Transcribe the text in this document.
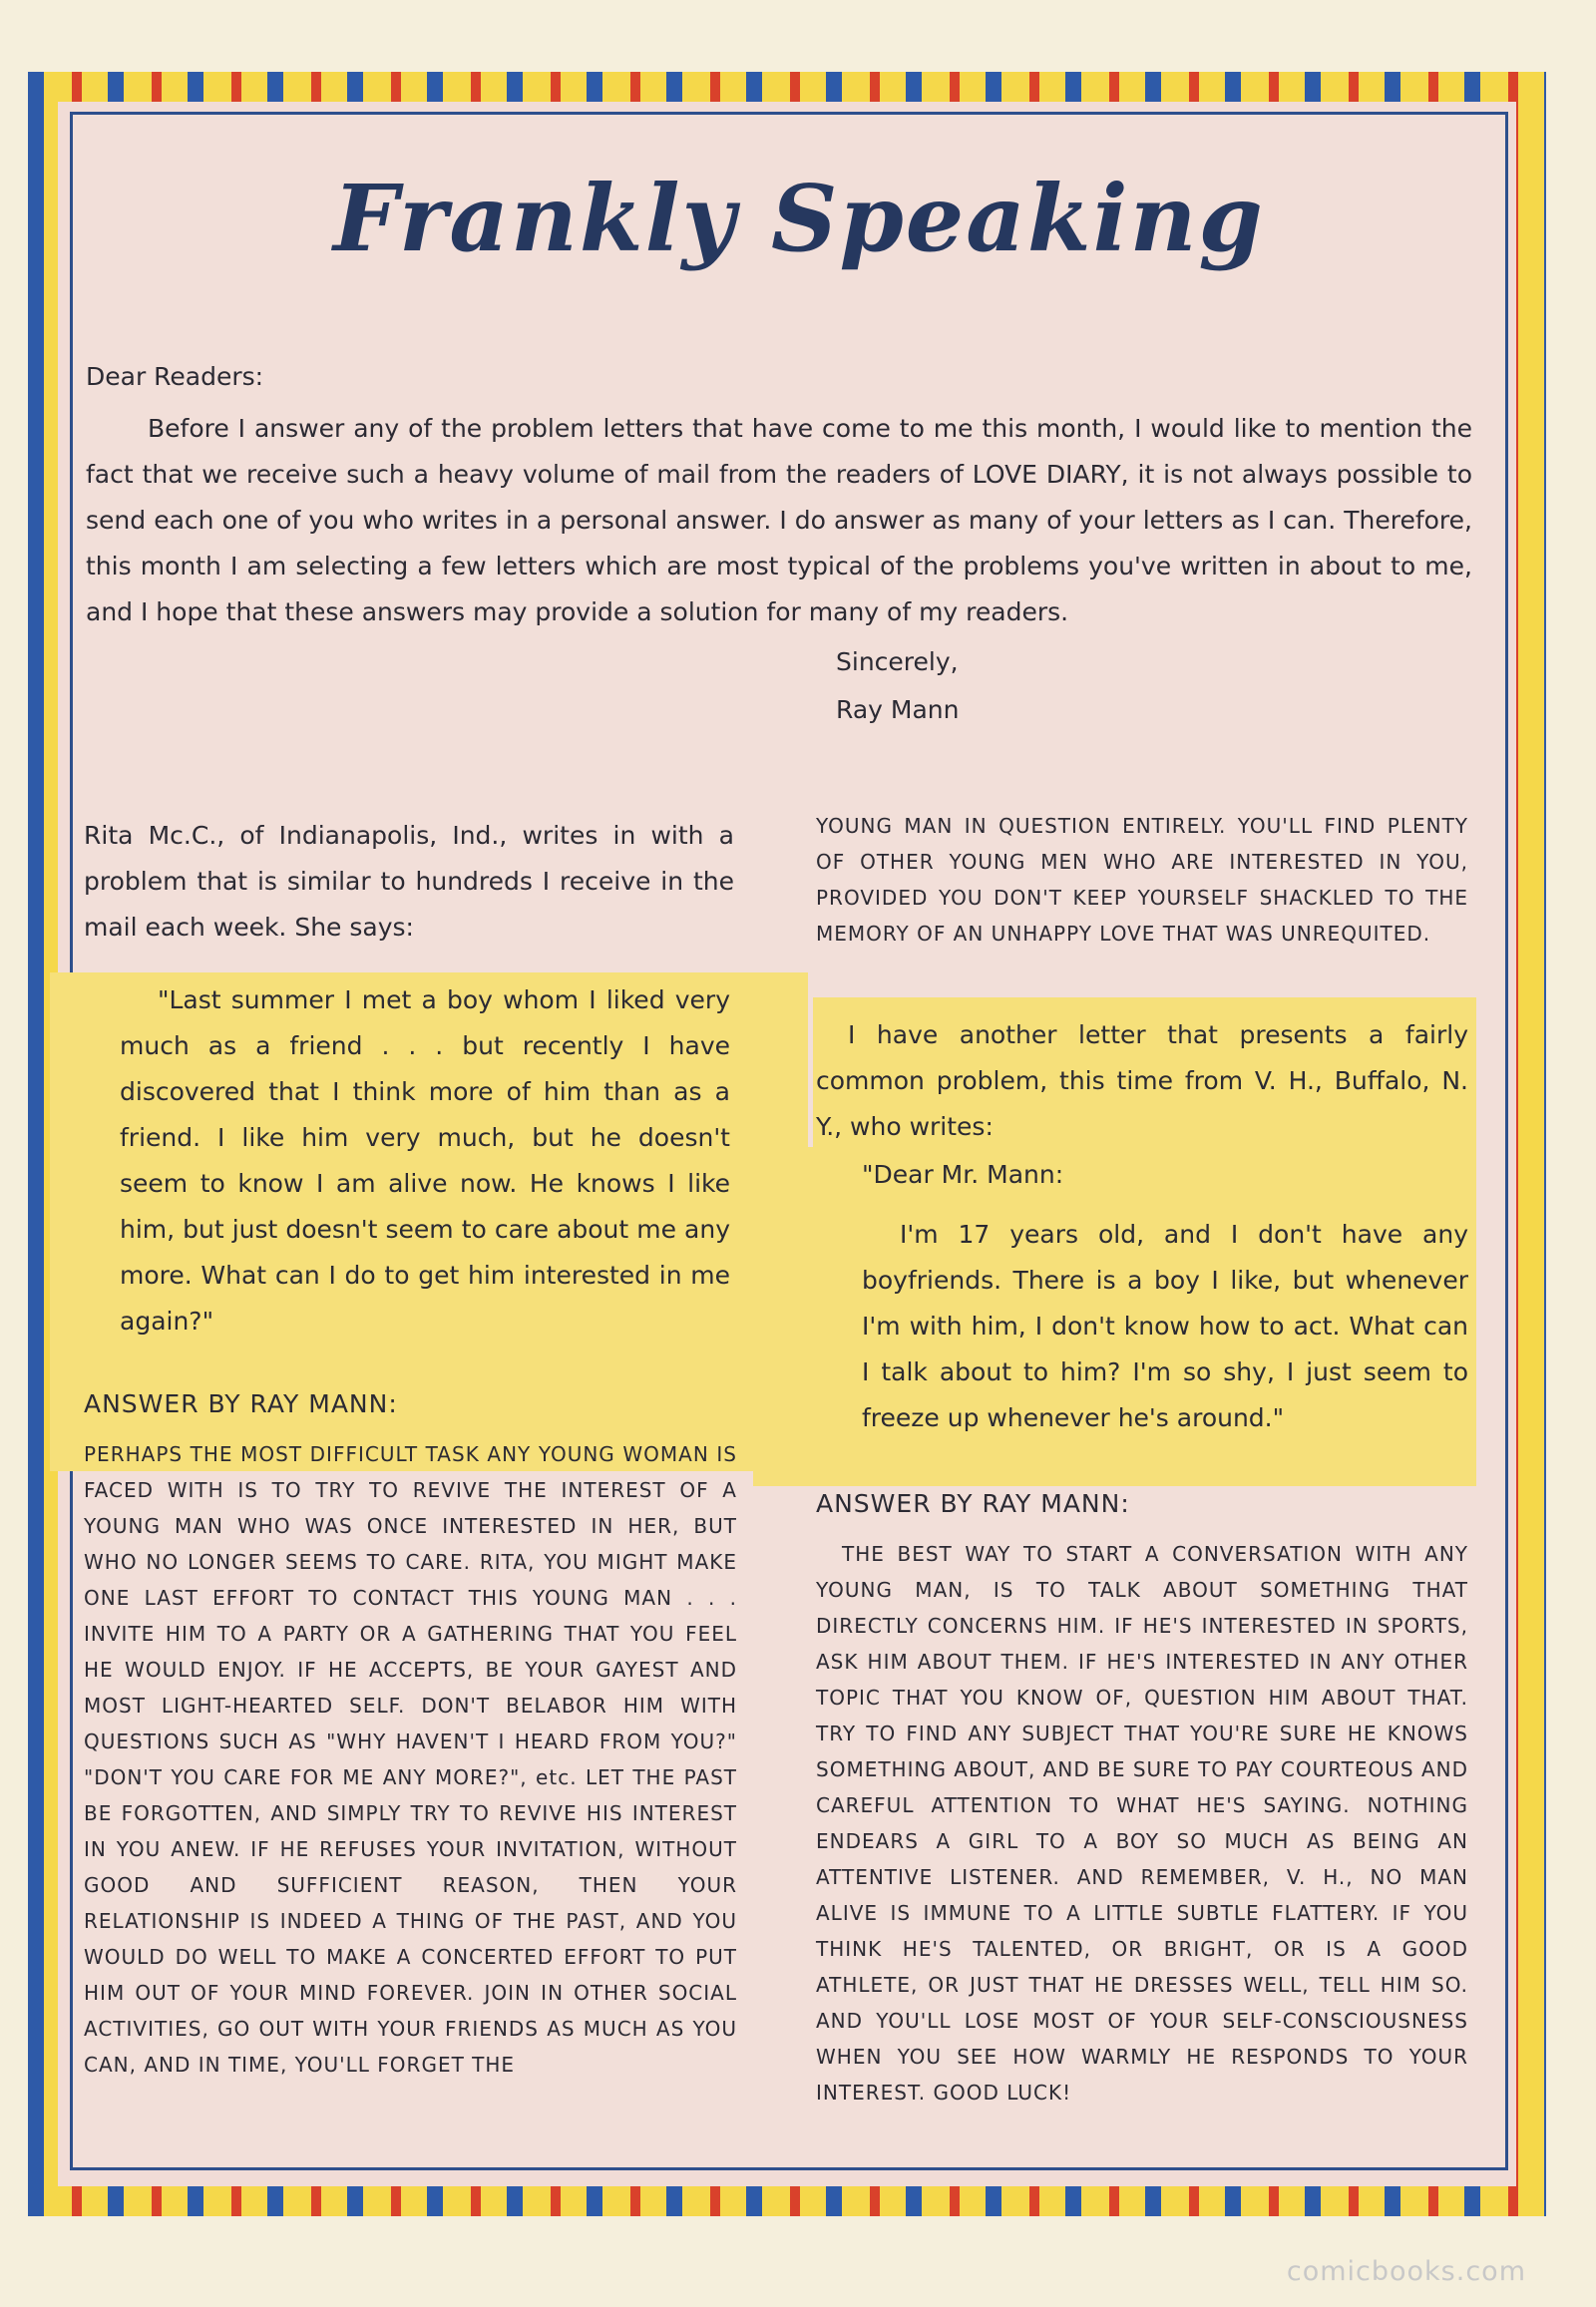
Frankly Speaking

Dear Readers:

Before I answer any of the problem letters that have come to me this month, I would like to mention the fact that we receive such a heavy volume of mail from the readers of LOVE DIARY, it is not always possible to send each one of you who writes in a personal answer. I do answer as many of your letters as I can. Therefore, this month I am selecting a few letters which are most typical of the problems you've written in about to me, and I hope that these answers may provide a solution for many of my readers.

Sincerely,
Ray Mann
Rita Mc.C., of Indianapolis, Ind., writes in with a problem that is similar to hundreds I receive in the mail each week. She says:

"Last summer I met a boy whom I liked very much as a friend . . . but recently I have discovered that I think more of him than as a friend. I like him very much, but he doesn't seem to know I am alive now. He knows I like him, but just doesn't seem to care about me any more. What can I do to get him interested in me again?"

ANSWER BY RAY MANN:
PERHAPS THE MOST DIFFICULT TASK ANY YOUNG WOMAN IS FACED WITH IS TO TRY TO REVIVE THE INTEREST OF A YOUNG MAN WHO WAS ONCE INTERESTED IN HER, BUT WHO NO LONGER SEEMS TO CARE. RITA, YOU MIGHT MAKE ONE LAST EFFORT TO CONTACT THIS YOUNG MAN . . . INVITE HIM TO A PARTY OR A GATHERING THAT YOU FEEL HE WOULD ENJOY. IF HE ACCEPTS, BE YOUR GAYEST AND MOST LIGHT-HEARTED SELF. DON'T BELABOR HIM WITH QUESTIONS SUCH AS "WHY HAVEN'T I HEARD FROM YOU?" "DON'T YOU CARE FOR ME ANY MORE?", etc. LET THE PAST BE FORGOTTEN, AND SIMPLY TRY TO REVIVE HIS INTEREST IN YOU ANEW. IF HE REFUSES YOUR INVITATION, WITHOUT GOOD AND SUFFICIENT REASON, THEN YOUR RELATIONSHIP IS INDEED A THING OF THE PAST, AND YOU WOULD DO WELL TO MAKE A CONCERTED EFFORT TO PUT HIM OUT OF YOUR MIND FOREVER. JOIN IN OTHER SOCIAL ACTIVITIES, GO OUT WITH YOUR FRIENDS AS MUCH AS YOU CAN, AND IN TIME, YOU'LL FORGET THE
YOUNG MAN IN QUESTION ENTIRELY. YOU'LL FIND PLENTY OF OTHER YOUNG MEN WHO ARE INTERESTED IN YOU, PROVIDED YOU DON'T KEEP YOURSELF SHACKLED TO THE MEMORY OF AN UNHAPPY LOVE THAT WAS UNREQUITED.
I have another letter that presents a fairly common problem, this time from V. H., Buffalo, N. Y., who writes:
"Dear Mr. Mann:

I'm 17 years old, and I don't have any boyfriends. There is a boy I like, but whenever I'm with him, I don't know how to act. What can I talk about to him? I'm so shy, I just seem to freeze up whenever he's around."

ANSWER BY RAY MANN:
THE BEST WAY TO START A CONVERSATION WITH ANY YOUNG MAN, IS TO TALK ABOUT SOMETHING THAT DIRECTLY CONCERNS HIM. IF HE'S INTERESTED IN SPORTS, ASK HIM ABOUT THEM. IF HE'S INTERESTED IN ANY OTHER TOPIC THAT YOU KNOW OF, QUESTION HIM ABOUT THAT. TRY TO FIND ANY SUBJECT THAT YOU'RE SURE HE KNOWS SOMETHING ABOUT, AND BE SURE TO PAY COURTEOUS AND CAREFUL ATTENTION TO WHAT HE'S SAYING. NOTHING ENDEARS A GIRL TO A BOY SO MUCH AS BEING AN ATTENTIVE LISTENER. AND REMEMBER, V. H., NO MAN ALIVE IS IMMUNE TO A LITTLE SUBTLE FLATTERY. IF YOU THINK HE'S TALENTED, OR BRIGHT, OR IS A GOOD ATHLETE, OR JUST THAT HE DRESSES WELL, TELL HIM SO. AND YOU'LL LOSE MOST OF YOUR SELF-CONSCIOUSNESS WHEN YOU SEE HOW WARMLY HE RESPONDS TO YOUR INTEREST. GOOD LUCK!
comicbooks.com
